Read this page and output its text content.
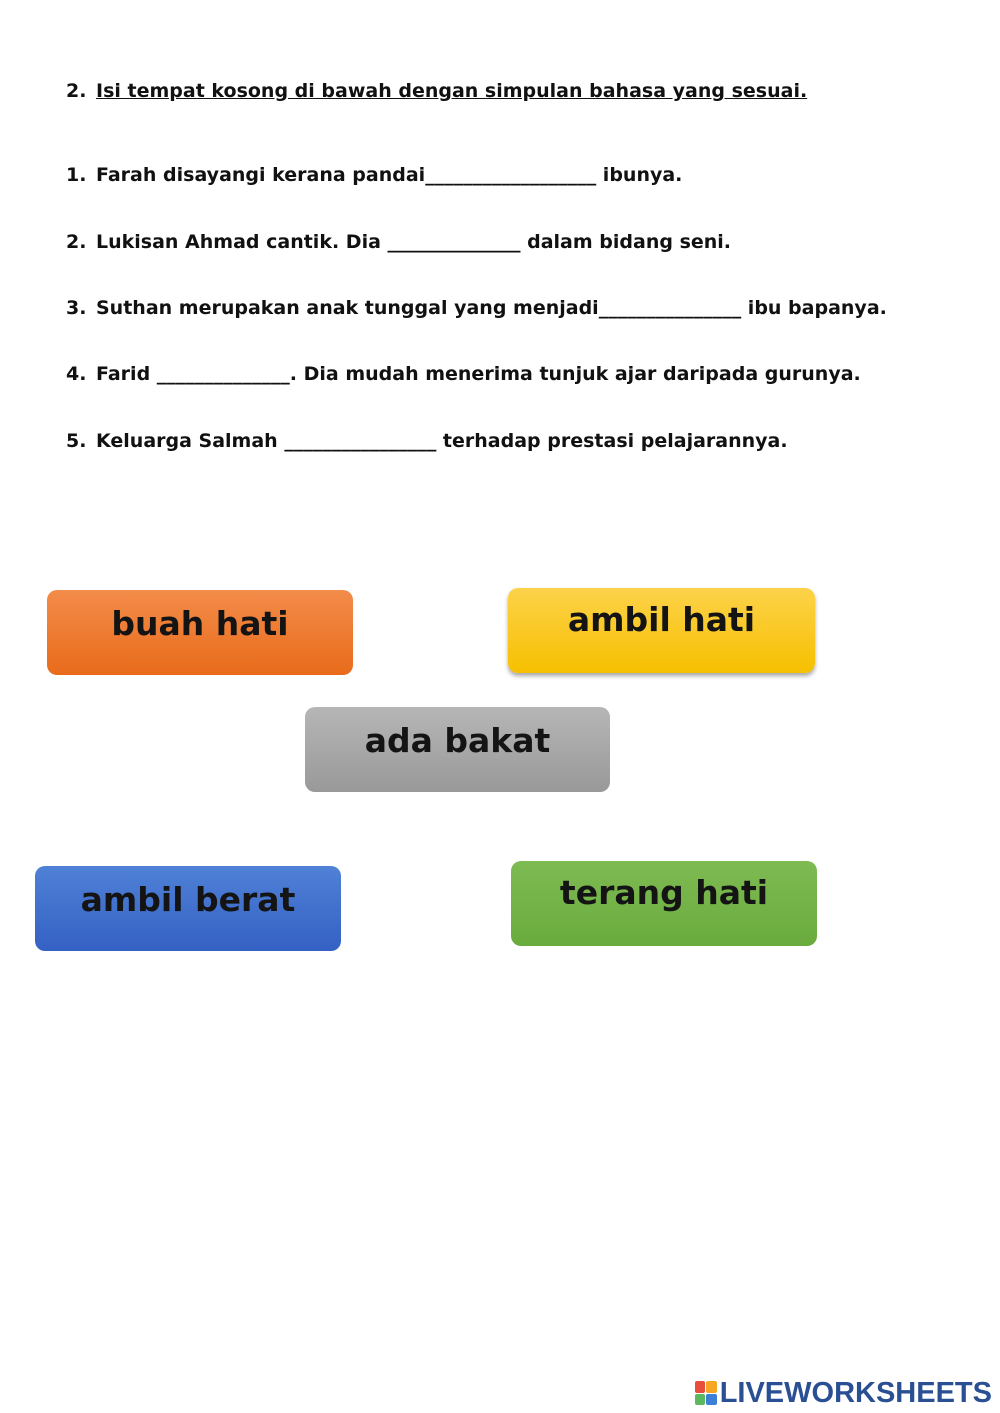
2. Isi tempat kosong di bawah dengan simpulan bahasa yang sesuai.
1. Farah disayangi kerana pandai__________________ ibunya.
2. Lukisan Ahmad cantik. Dia ______________ dalam bidang seni.
3. Suthan merupakan anak tunggal yang menjadi_______________ ibu bapanya.
4. Farid ______________. Dia mudah menerima tunjuk ajar daripada gurunya.
5. Keluarga Salmah ________________ terhadap prestasi pelajarannya.
buah hati	ambil hati
ada bakat
ambil berat	terang hati
LIVEWORKSHEETS
